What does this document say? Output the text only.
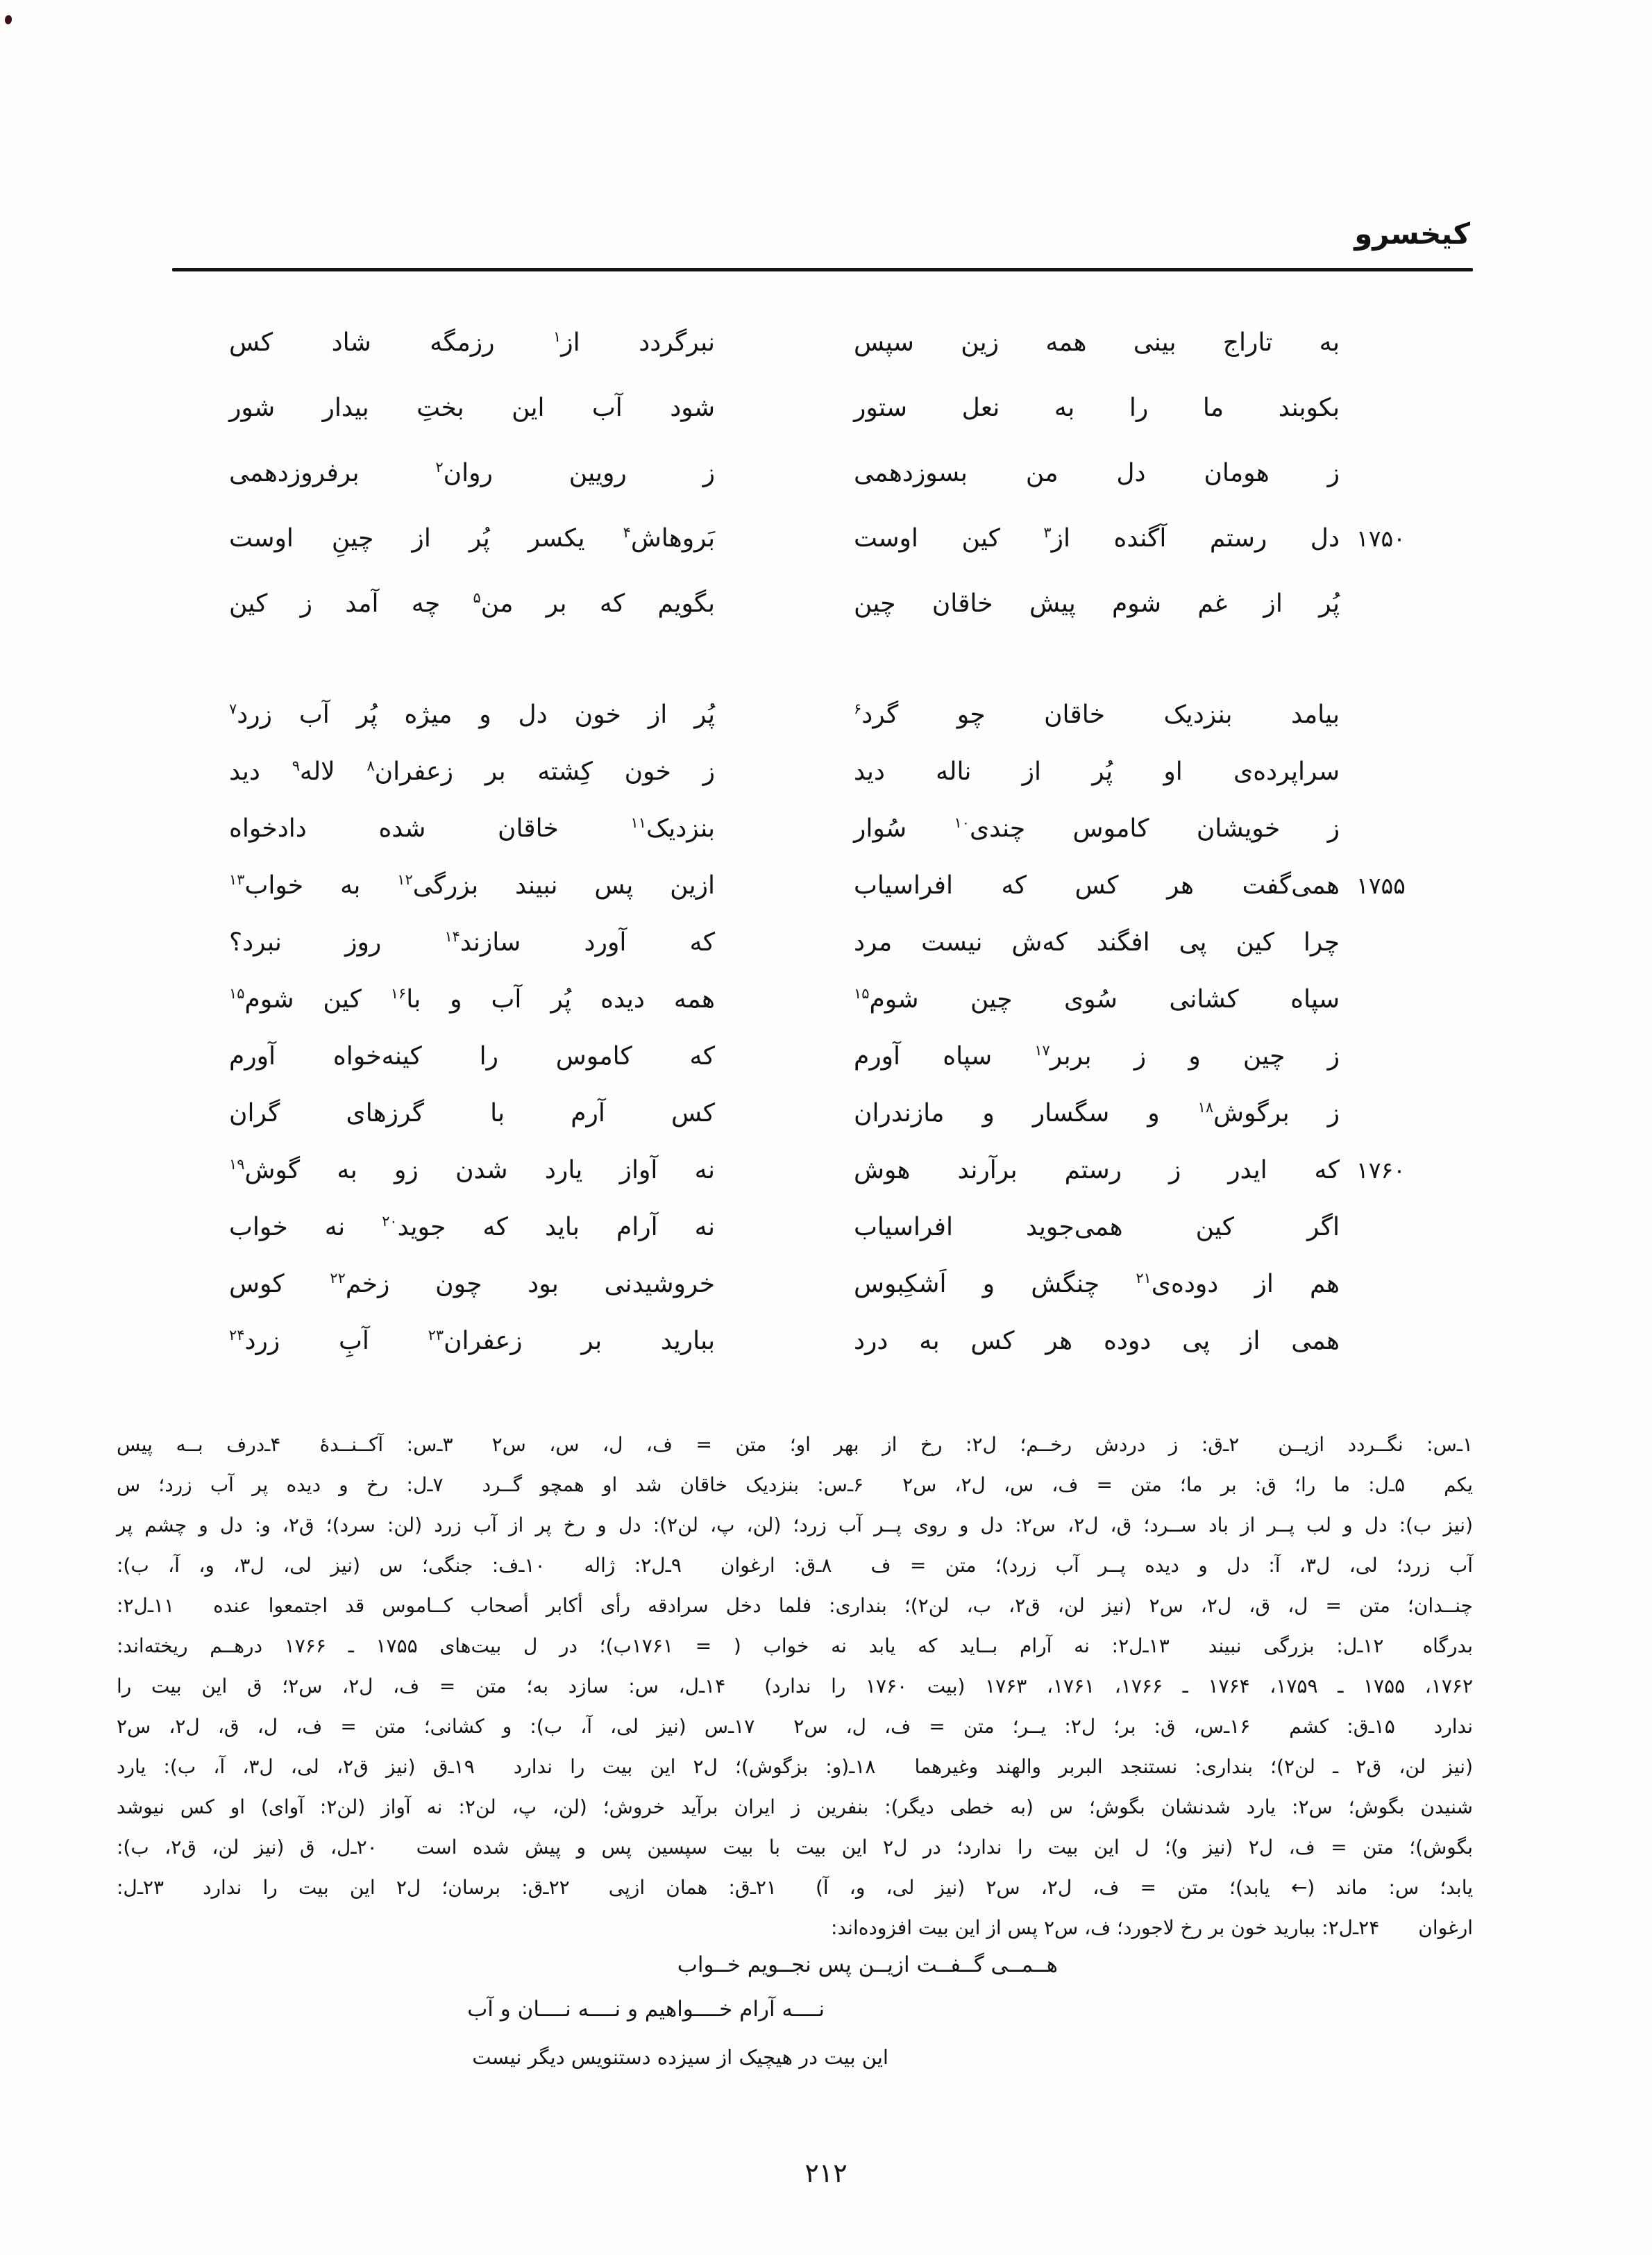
کیخسرو
به تاراج بینی همه زین سپس
نبرگردد از$^۱$ رزمگه شاد کس
بکوبند ما را به نعل ستور
شود آب این بختِ بیدار شور
ز هومان دل من بسوزدهمی
ز رویین روان$^۲$ برفروزدهمی
۱۷۵۰
دل رستم آگنده از$^۳$ کین اوست
بَروهاش$^۴$ یکسر پُر از چینِ اوست
پُر از غم شوم پیش خاقان چین
بگویم که بر من$^۵$ چه آمد ز کین
بیامد بنزدیک خاقان چو گرد$^۶$
پُر از خون دل و میژه پُر آب زرد$^۷$
سراپرده‌ی او پُر از ناله دید
ز خون کِشته بر زعفران$^۸$ لاله$^۹$ دید
ز خویشان کاموس چندی$^{۱۰}$ سُوار
بنزدیک$^{۱۱}$ خاقان شده دادخواه
۱۷۵۵
همی‌گفت هر کس که افراسیاب
ازین پس نبیند بزرگی$^{۱۲}$ به خواب$^{۱۳}$
چرا کین پی افگند که‌ش نیست مرد
که آورد سازند$^{۱۴}$ روز نبرد؟
سپاه کشانی سُوی چین شوم$^{۱۵}$
همه دیده پُر آب و با$^{۱۶}$ کین شوم$^{۱۵}$
ز چین و ز بربر$^{۱۷}$ سپاه آورم
که کاموس را کینه‌خواه آورم
ز برگوش$^{۱۸}$ و سگسار و مازندران
کس آرم با گرزهای گران
۱۷۶۰
که ایدر ز رستم برآرند هوش
نه آواز یارد شدن زو به گوش$^{۱۹}$
اگر کین همی‌جوید افراسیاب
نه آرام باید که جوید$^{۲۰}$ نه خواب
هم از دوده‌ی$^{۲۱}$ چنگش و اَشکِبوس
خروشیدنی بود چون زخم$^{۲۲}$ کوس
همی از پی دوده هر کس به درد
ببارید بر زعفران$^{۲۳}$ آبِ زرد$^{۲۴}$
۱ـ‌س: نگــردد ازیــن  ۲ـ‌ق: ز دردش رخــم؛ ل۲: رخ از بهر او؛ متن = ف، ل، س، س۲  ۳ـ‌س: آکــنــدهٔ  ۴ـ‌درف بــه پیس
یکم  ۵ـ‌ل: ما را؛ ق: بر ما؛ متن = ف، س، ل۲، س۲  ۶ـ‌س: بنزدیک خاقان شد او همچو گــرد  ۷ـ‌ل: رخ و دیده پر آب زرد؛ س
(نیز ب): دل و لب پــر از باد ســرد؛ ق، ل۲، س۲: دل و روی پــر آب زرد؛ (لن، پ، لن۲): دل و رخ پر از آب زرد (لن: سرد)؛ ق۲، و: دل و چشم پر
آب زرد؛ لی، ل۳، آ: دل و دیده پــر آب زرد)؛ متن = ف  ۸ـ‌ق: ارغوان  ۹ـ‌ل۲: ژاله  ۱۰ـ‌ف: جنگی؛ س (نیز لی، ل۳، و، آ، ب):
چنــدان؛ متن = ل، ق، ل۲، س۲ (نیز لن، ق۲، ب، لن۲)؛ بنداری: فلما دخل سرادقه رأی أکابر أصحاب کــاموس قد اجتمعوا عنده  ۱۱ـ‌ل۲:
بدرگاه  ۱۲ـ‌ل: بزرگی نبیند  ۱۳ـ‌ل۲: نه آرام بــاید که یابد نه خواب ( = ۱۷۶۱ب)؛ در ل بیت‌های ۱۷۵۵ ـ ۱۷۶۶ درهــم ریخته‌اند:
۱۷۶۲، ۱۷۵۵ ـ ۱۷۵۹، ۱۷۶۴ ـ ۱۷۶۶، ۱۷۶۱، ۱۷۶۳ (بیت ۱۷۶۰ را ندارد)  ۱۴ـ‌ل، س: سازد به؛ متن = ف، ل۲، س۲؛ ق این بیت را
ندارد  ۱۵ـ‌ق: کشم  ۱۶ـ‌س، ق: بر؛ ل۲: یــر؛ متن = ف، ل، س۲  ۱۷ـ‌س (نیز لی، آ، ب): و کشانی؛ متن = ف، ل، ق، ل۲، س۲
(نیز لن، ق۲ ـ لن۲)؛ بنداری: نستنجد البربر والهند وغیرهما  ۱۸ـ‌(و: بزگوش)؛ ل۲ این بیت را ندارد  ۱۹ـ‌ق (نیز ق۲، لی، ل۳، آ، ب): یارد
شنیدن بگوش؛ س۲: یارد شدنشان بگوش؛ س (به خطی دیگر): بنفرین ز ایران برآید خروش؛ (لن، پ، لن۲: نه آواز (لن۲: آوای) او کس نیوشد
بگوش)؛ متن = ف، ل۲ (نیز و)؛ ل این بیت را ندارد؛ در ل۲ این بیت با بیت سپسین پس و پیش شده است  ۲۰ـ‌ل، ق (نیز لن، ق۲، ب):
یابد؛ س: ماند (← یابد)؛ متن = ف، ل۲، س۲ (نیز لی، و، آ)  ۲۱ـ‌ق: همان ازپی  ۲۲ـ‌ق: برسان؛ ل۲ این بیت را ندارد  ۲۳ـ‌ل:
ارغوان  ۲۴ـ‌ل۲: ببارید خون بر رخ لاجورد؛ ف، س۲ پس از این بیت افزوده‌اند:
هــمــی گــفــت ازیــن پس نجــویم خــواب
نــــه آرام خــــواهیم و نــــه نــــان و آب
این بیت در هیچیک از سیزده دستنویس دیگر نیست
۲۱۲
